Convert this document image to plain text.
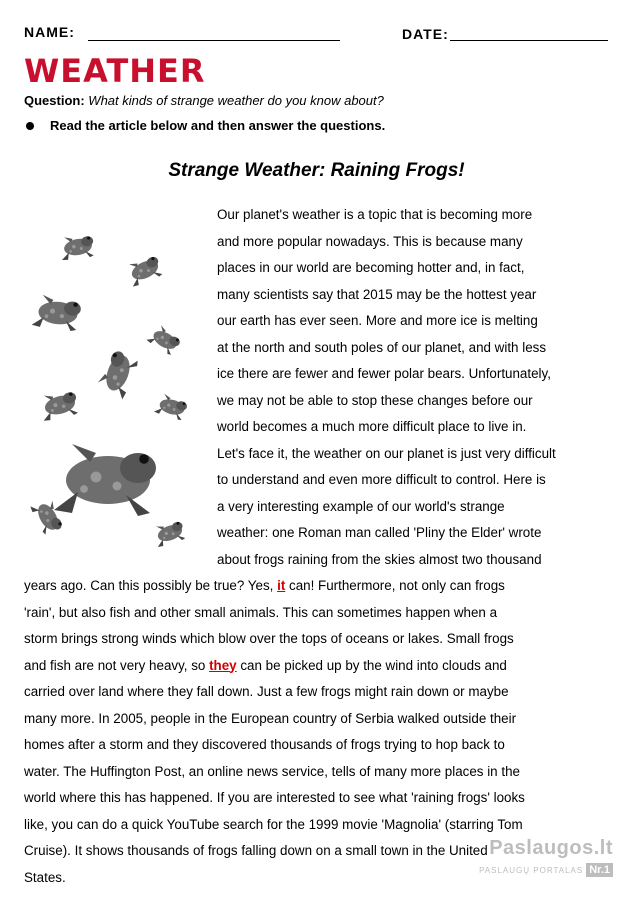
NAME:	DATE:
WEATHER
Question: What kinds of strange weather do you know about?
Read the article below and then answer the questions.
Strange Weather: Raining Frogs!
Our planet's weather is a topic that is becoming more
and more popular nowadays. This is because many
places in our world are becoming hotter and, in fact,
many scientists say that 2015 may be the hottest year
our earth has ever seen. More and more ice is melting
at the north and south poles of our planet, and with less
ice there are fewer and fewer polar bears. Unfortunately,
we may not be able to stop these changes before our
world becomes a much more difficult place to live in.
Let's face it, the weather on our planet is just very difficult
to understand and even more difficult to control. Here is
a very interesting example of our world's strange
weather: one Roman man called 'Pliny the Elder' wrote
about frogs raining from the skies almost two thousand
years ago. Can this possibly be true? Yes, it can! Furthermore, not only can frogs
'rain', but also fish and other small animals. This can sometimes happen when a
storm brings strong winds which blow over the tops of oceans or lakes. Small frogs
and fish are not very heavy, so they can be picked up by the wind into clouds and
carried over land where they fall down. Just a few frogs might rain down or maybe
many more. In 2005, people in the European country of Serbia walked outside their
homes after a storm and they discovered thousands of frogs trying to hop back to
water. The Huffington Post, an online news service, tells of many more places in the
world where this has happened. If you are interested to see what 'raining frogs' looks
like, you can do a quick YouTube search for the 1999 movie 'Magnolia' (starring Tom
Cruise). It shows thousands of frogs falling down on a small town in the United
States.
Paslaugos.lt
PASLAUGŲ PORTALAS Nr.1
